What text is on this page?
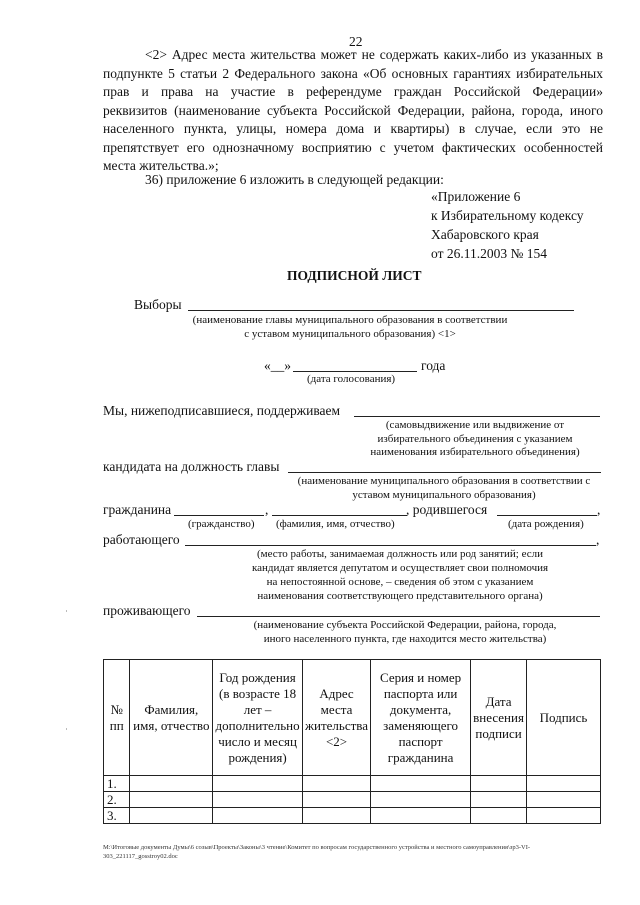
22
<2> Адрес места жительства может не содержать каких-либо из указанных в
подпункте 5 статьи 2 Федерального закона «Об основных гарантиях избирательных
прав и права на участие в референдуме граждан Российской Федерации»
реквизитов (наименование субъекта Российской Федерации, района, города, иного
населенного пункта, улицы, номера дома и квартиры) в случае, если это не
препятствует его однозначному восприятию с учетом фактических особенностей
места жительства.»;
36) приложение 6 изложить в следующей редакции:
«Приложение 6
к Избирательному кодексу
Хабаровского края
от 26.11.2003 № 154
ПОДПИСНОЙ ЛИСТ
Выборы
(наименование главы муниципального образования в соответствии
с уставом муниципального образования) <1>
«__»	года
(дата голосования)
Мы, нижеподписавшиеся, поддерживаем
(самовыдвижение или выдвижение от
избирательного объединения с указанием
наименования избирательного объединения)
кандидата на должность главы
(наименование муниципального образования в соответствии с
уставом муниципального образования)
гражданина	,	, родившегося	,
(гражданство) (фамилия, имя, отчество)	(дата рождения)
работающего	,
(место работы, занимаемая должность или род занятий; если
кандидат является депутатом и осуществляет свои полномочия
на непостоянной основе, – сведения об этом с указанием
наименования соответствующего представительного органа)
проживающего
(наименование субъекта Российской Федерации, района, города,
иного населенного пункта, где находится место жительства)
№ пп	Фамилия, имя, отчество	Год рождения (в возрасте 18 лет – дополнительно число и месяц рождения)	Адрес места жительства <2>	Серия и номер паспорта или документа, заменяющего паспорт гражданина	Дата внесения подписи	Подпись
1.						
2.						
3.						
M:\Итоговые документы Думы\6 созыв\Проекты\Законы\3 чтение\Комитет по вопросам государственного устройства и местного самоуправления\зр3-VI-303_221117_gosstroy02.doc
